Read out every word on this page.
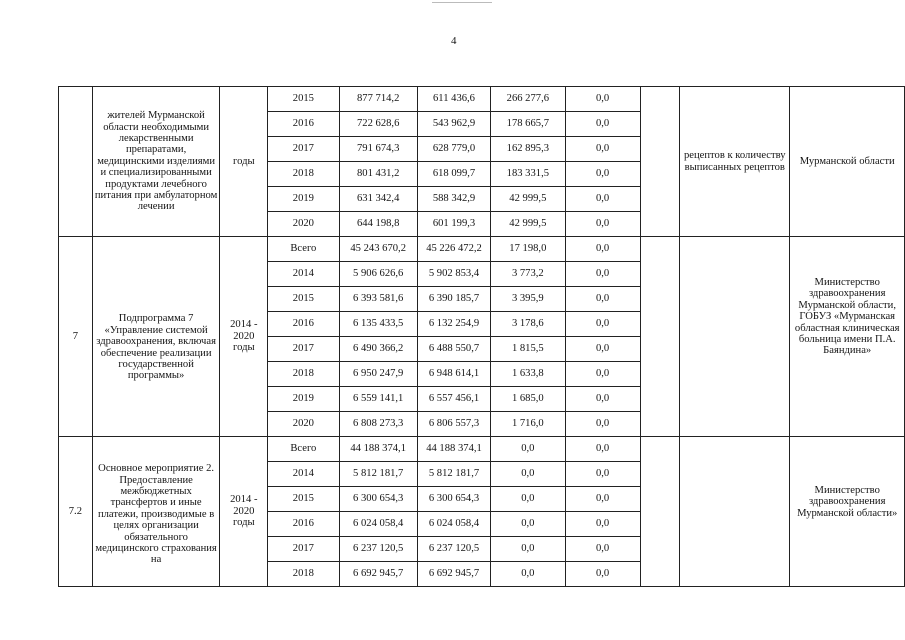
4
	жителей Мурманской области необходимыми лекарственными препаратами, медицинскими изделиями и специализированными продуктами лечебного питания при амбулаторном лечении	годы	2015	877 714,2	611 436,6	266 277,6	0,0		рецептов к количеству выписанных рецептов	Мурманской области
			2016	722 628,6	543 962,9	178 665,7	0,0			
			2017	791 674,3	628 779,0	162 895,3	0,0			
			2018	801 431,2	618 099,7	183 331,5	0,0			
			2019	631 342,4	588 342,9	42 999,5	0,0			
			2020	644 198,8	601 199,3	42 999,5	0,0			
7	Подпрограмма 7 «Управление системой здравоохранения, включая обеспечение реализации государственной программы»	2014 - 2020 годы	Всего	45 243 670,2	45 226 472,2	17 198,0	0,0			Министерство здравоохранения Мурманской области, ГОБУЗ «Мурманская областная клиническая больница имени П.А. Баяндина»
			2014	5 906 626,6	5 902 853,4	3 773,2	0,0			
			2015	6 393 581,6	6 390 185,7	3 395,9	0,0			
			2016	6 135 433,5	6 132 254,9	3 178,6	0,0			
			2017	6 490 366,2	6 488 550,7	1 815,5	0,0			
			2018	6 950 247,9	6 948 614,1	1 633,8	0,0			
			2019	6 559 141,1	6 557 456,1	1 685,0	0,0			
			2020	6 808 273,3	6 806 557,3	1 716,0	0,0			
7.2	Основное мероприятие 2. Предоставление межбюджетных трансфертов и иные платежи, производимые в целях организации обязательного медицинского страхования на	2014 - 2020 годы	Всего	44 188 374,1	44 188 374,1	0,0	0,0			Министерство здравоохранения Мурманской области»
			2014	5 812 181,7	5 812 181,7	0,0	0,0			
			2015	6 300 654,3	6 300 654,3	0,0	0,0			
			2016	6 024 058,4	6 024 058,4	0,0	0,0			
			2017	6 237 120,5	6 237 120,5	0,0	0,0			
			2018	6 692 945,7	6 692 945,7	0,0	0,0			
